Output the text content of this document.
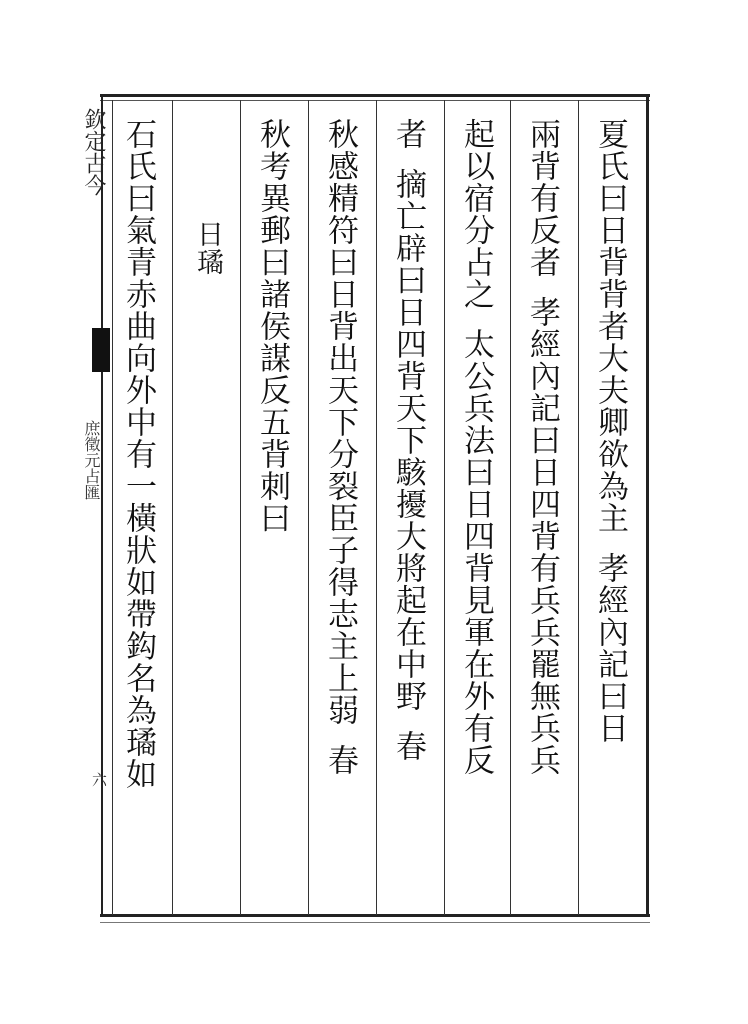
欽定古今
庶徵元占匯
六
夏氏曰日背背者大夫卿欲為主孝經內記曰日
兩背有反者孝經內記曰日四背有兵兵罷無兵兵
起以宿分占之太公兵法曰日四背見軍在外有反
者摘亡辟曰日四背天下駭擾大將起在中野春
秋感精符曰日背出天下分裂臣子得志主上弱春
秋考異郵曰諸侯謀反五背刺曰
日璚
石氏曰氣青赤曲向外中有一橫狀如帶鈎名為璚如
